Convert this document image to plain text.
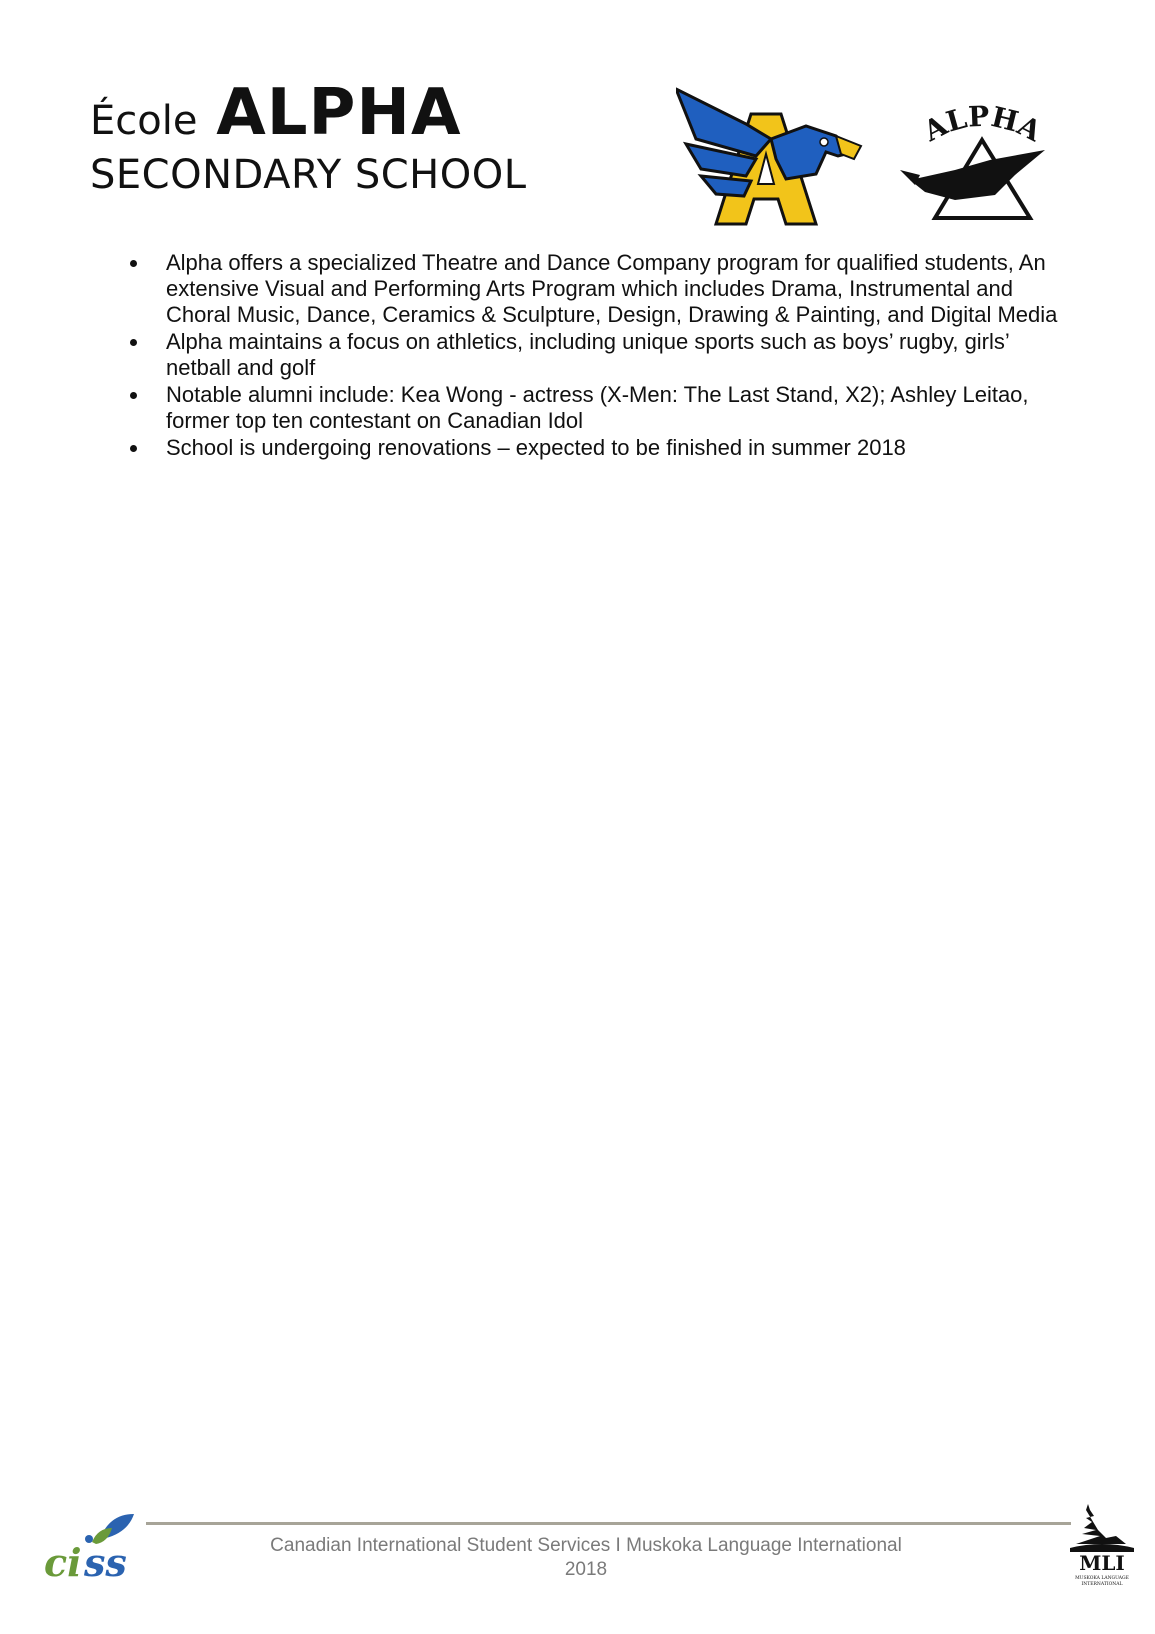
École ALPHA
SECONDARY SCHOOL
ALPHA
Alpha offers a specialized Theatre and Dance Company program for qualified students, An extensive Visual and Performing Arts Program which includes Drama, Instrumental and Choral Music, Dance, Ceramics & Sculpture, Design, Drawing & Painting, and Digital Media
Alpha maintains a focus on athletics, including unique sports such as boys’ rugby, girls’ netball and golf
Notable alumni include: Kea Wong - actress (X-Men: The Last Stand, X2); Ashley Leitao, former top ten contestant on Canadian Idol
School is undergoing renovations – expected to be finished in summer 2018
ci ss	Canadian International Student Services I Muskoka Language International
2018	MLI
MUSKOKA LANGUAGE
INTERNATIONAL
